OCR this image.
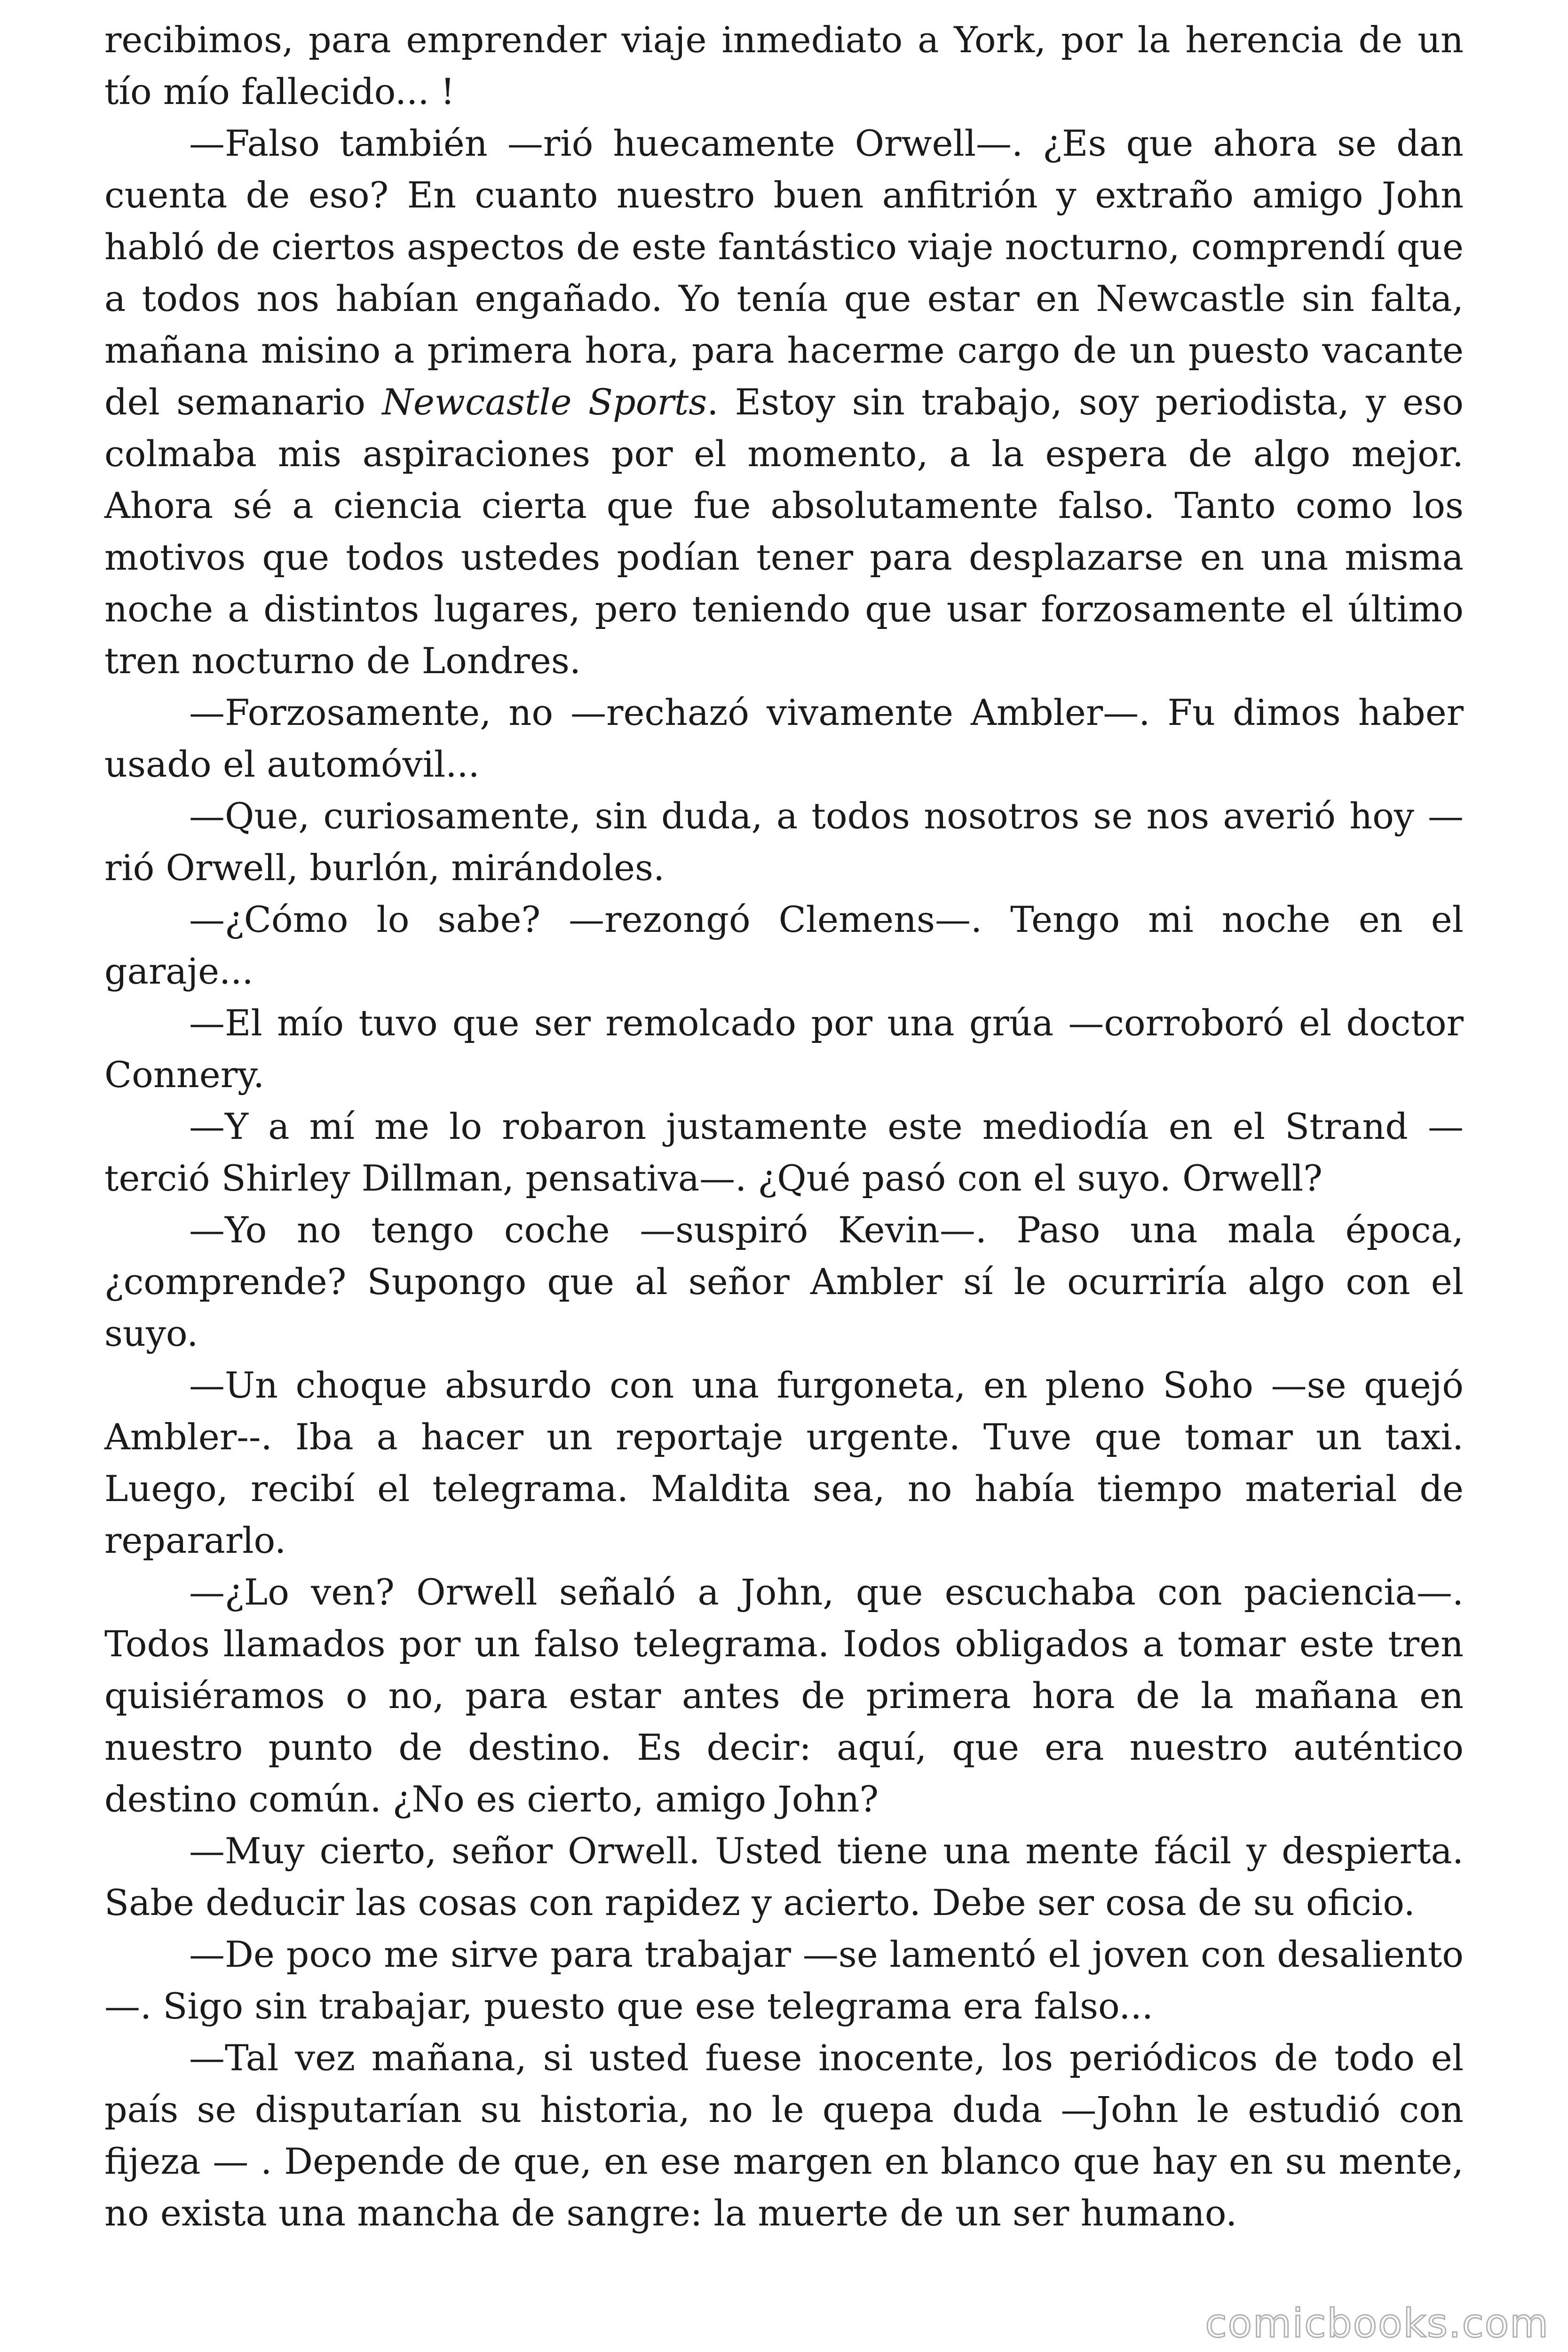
recibimos, para emprender viaje inmediato a York, por la herencia de un tío mío fallecido... !

—Falso también —rió huecamente Orwell—. ¿Es que ahora se dan cuenta de eso? En cuanto nuestro buen anfitrión y extraño amigo John habló de ciertos aspectos de este fantástico viaje nocturno, comprendí que a todos nos habían engañado. Yo tenía que estar en Newcastle sin falta, mañana misino a primera hora, para hacerme cargo de un puesto vacante del semanario Newcastle Sports. Estoy sin trabajo, soy periodista, y eso colmaba mis aspiraciones por el momento, a la espera de algo mejor. Ahora sé a ciencia cierta que fue absolutamente falso. Tanto como los motivos que todos ustedes podían tener para desplazarse en una misma noche a distintos lugares, pero teniendo que usar forzosamente el último tren nocturno de Londres.

—Forzosamente, no —rechazó vivamente Ambler—. Fu dimos haber usado el automóvil...

—Que, curiosamente, sin duda, a todos nosotros se nos averió hoy —rió Orwell, burlón, mirándoles.

—¿Cómo lo sabe? —rezongó Clemens—. Tengo mi noche en el garaje...

—El mío tuvo que ser remolcado por una grúa —corroboró el doctor Connery.

—Y a mí me lo robaron justamente este mediodía en el Strand —terció Shirley Dillman, pensativa—. ¿Qué pasó con el suyo. Orwell?

—Yo no tengo coche —suspiró Kevin—. Paso una mala época, ¿comprende? Supongo que al señor Ambler sí le ocurriría algo con el suyo.

—Un choque absurdo con una furgoneta, en pleno Soho —se quejó Ambler--. Iba a hacer un reportaje urgente. Tuve que tomar un taxi. Luego, recibí el telegrama. Maldita sea, no había tiempo material de repararlo.

—¿Lo ven? Orwell señaló a John, que escuchaba con paciencia—. Todos llamados por un falso telegrama. Iodos obligados a tomar este tren quisiéramos o no, para estar antes de primera hora de la mañana en nuestro punto de destino. Es decir: aquí, que era nuestro auténtico destino común. ¿No es cierto, amigo John?

—Muy cierto, señor Orwell. Usted tiene una mente fácil y despierta. Sabe deducir las cosas con rapidez y acierto. Debe ser cosa de su oficio.

—De poco me sirve para trabajar —se lamentó el joven con desaliento—. Sigo sin trabajar, puesto que ese telegrama era falso...

—Tal vez mañana, si usted fuese inocente, los periódicos de todo el país se disputarían su historia, no le quepa duda —John le estudió con fijeza — . Depende de que, en ese margen en blanco que hay en su mente, no exista una mancha de sangre: la muerte de un ser humano.

comicbooks.com
